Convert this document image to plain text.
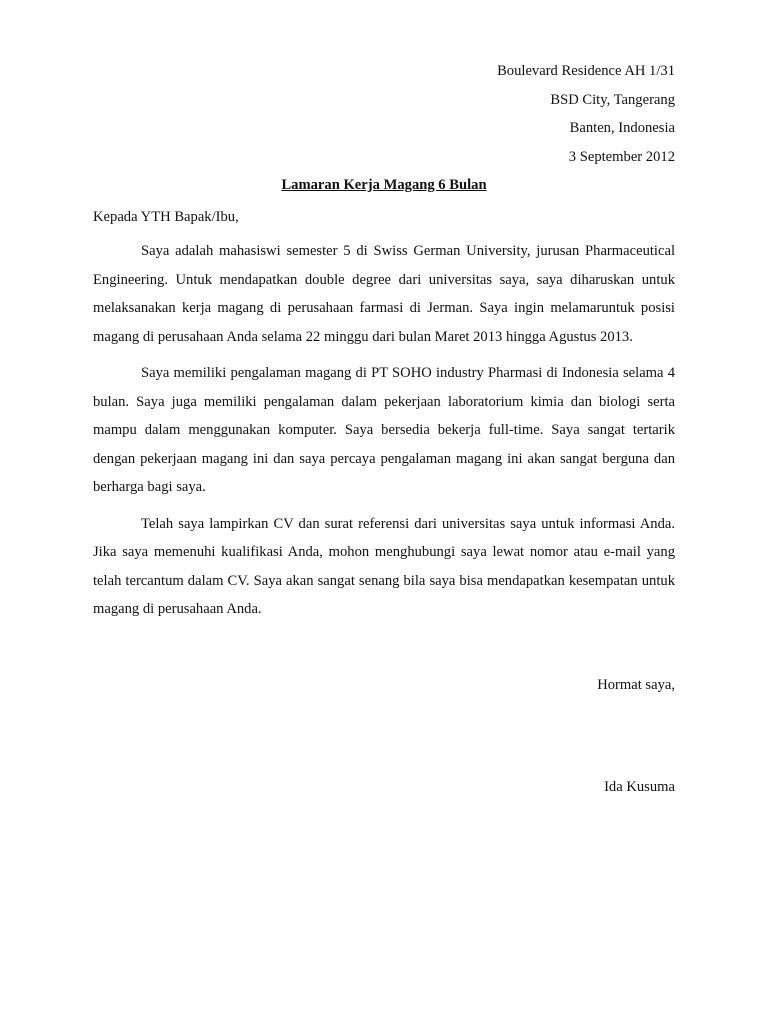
Boulevard Residence AH 1/31
BSD City, Tangerang
Banten, Indonesia
3 September 2012
Lamaran Kerja Magang 6 Bulan
Kepada YTH Bapak/Ibu,

Saya adalah mahasiswi semester 5 di Swiss German University, jurusan Pharmaceutical Engineering. Untuk mendapatkan double degree dari universitas saya, saya diharuskan untuk melaksanakan kerja magang di perusahaan farmasi di Jerman. Saya ingin melamaruntuk posisi magang di perusahaan Anda selama 22 minggu dari bulan Maret 2013 hingga Agustus 2013.

Saya memiliki pengalaman magang di PT SOHO industry Pharmasi di Indonesia selama 4 bulan. Saya juga memiliki pengalaman dalam pekerjaan laboratorium kimia dan biologi serta mampu dalam menggunakan komputer. Saya bersedia bekerja full-time. Saya sangat tertarik dengan pekerjaan magang ini dan saya percaya pengalaman magang ini akan sangat berguna dan berharga bagi saya.

Telah saya lampirkan CV dan surat referensi dari universitas saya untuk informasi Anda. Jika saya memenuhi kualifikasi Anda, mohon menghubungi saya lewat nomor atau e-mail yang telah tercantum dalam CV. Saya akan sangat senang bila saya bisa mendapatkan kesempatan untuk magang di perusahaan Anda.

Hormat saya,
Ida Kusuma
